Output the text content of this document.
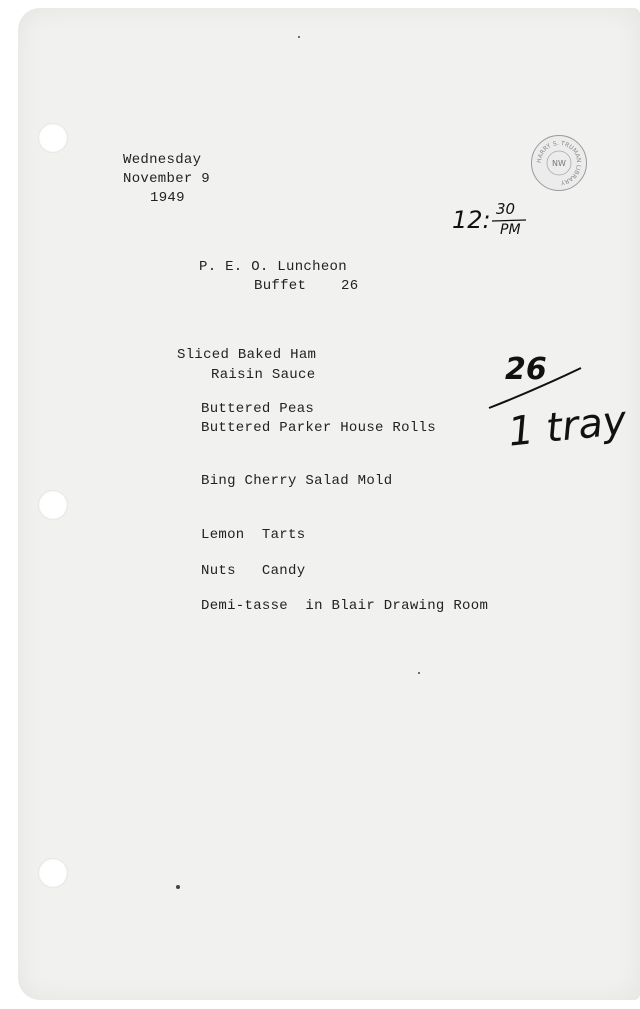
Wednesday
November 9
1949
HARRY S. TRUMAN LIBRARY
NW
12: 30
PM
P. E. O. Luncheon
Buffet    26
Sliced Baked Ham
Raisin Sauce
Buttered Peas
Buttered Parker House Rolls
Bing Cherry Salad Mold
Lemon  Tarts
Nuts   Candy
Demi-tasse  in Blair Drawing Room
26
1 tray
